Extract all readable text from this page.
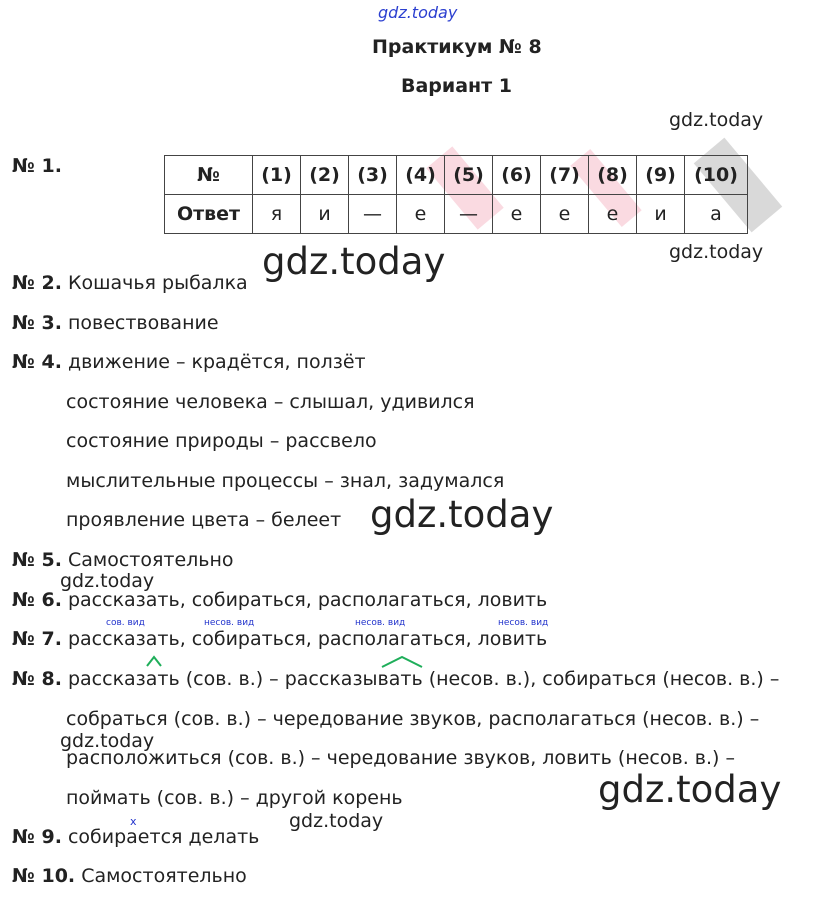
gdz.today
gdz.today
gdz.today
gdz.today
gdz.today
gdz.today
gdz.today
gdz.today
gdz.today
Практикум № 8
Вариант 1
№ 1.	№	(1)	(2)	(3)	(4)	(5)	(6)	(7)	(8)	(9)	(10)
Ответ	я	и	—	е	—	е	е	е	и	а
№ 2. Кошачья рыбалка
№ 3. повествование
№ 4. движение – крадётся, ползёт
состояние человека – слышал, удивился
состояние природы – рассвело
мыслительные процессы – знал, задумался
проявление цвета – белеет
№ 5. Самостоятельно
№ 6. рассказать, собираться, располагаться, ловить
сов. вид	несов. вид	несов. вид	несов. вид
№ 7. рассказать, собираться, располагаться, ловить
№ 8. рассказать (сов. в.) – рассказывать (несов. в.), собираться (несов. в.) –
собраться (сов. в.) – чередование звуков, располагаться (несов. в.) –
расположиться (сов. в.) – чередование звуков, ловить (несов. в.) –
поймать (сов. в.) – другой корень
x
№ 9. собирается делать
№ 10. Самостоятельно
